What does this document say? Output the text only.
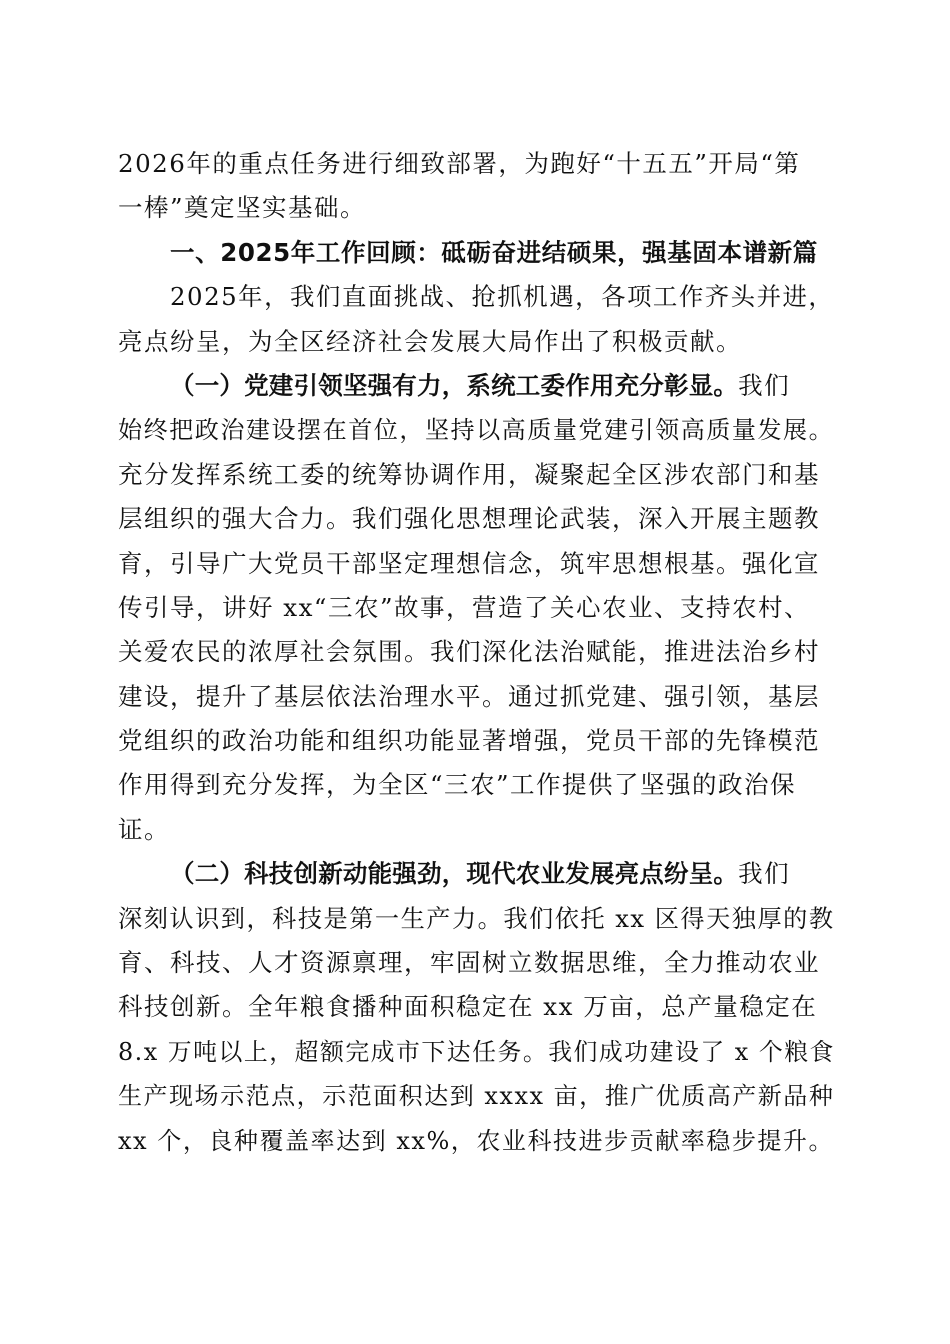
2026年的重点任务进行细致部署，为跑好“十五五”开局“第
一棒”奠定坚实基础。
一、2025年工作回顾：砥砺奋进结硕果，强基固本谱新篇
2025年，我们直面挑战、抢抓机遇，各项工作齐头并进，
亮点纷呈，为全区经济社会发展大局作出了积极贡献。
（一）党建引领坚强有力，系统工委作用充分彰显。我们
始终把政治建设摆在首位，坚持以高质量党建引领高质量发展。
充分发挥系统工委的统筹协调作用，凝聚起全区涉农部门和基
层组织的强大合力。我们强化思想理论武装，深入开展主题教
育，引导广大党员干部坚定理想信念，筑牢思想根基。强化宣
传引导，讲好 xx“三农”故事，营造了关心农业、支持农村、
关爱农民的浓厚社会氛围。我们深化法治赋能，推进法治乡村
建设，提升了基层依法治理水平。通过抓党建、强引领，基层
党组织的政治功能和组织功能显著增强，党员干部的先锋模范
作用得到充分发挥，为全区“三农”工作提供了坚强的政治保
证。
（二）科技创新动能强劲，现代农业发展亮点纷呈。我们
深刻认识到，科技是第一生产力。我们依托 xx 区得天独厚的教
育、科技、人才资源禀理，牢固树立数据思维，全力推动农业
科技创新。全年粮食播种面积稳定在 xx 万亩，总产量稳定在
8.x 万吨以上，超额完成市下达任务。我们成功建设了 x 个粮食
生产现场示范点，示范面积达到 xxxx 亩，推广优质高产新品种
xx 个，良种覆盖率达到 xx%，农业科技进步贡献率稳步提升。
